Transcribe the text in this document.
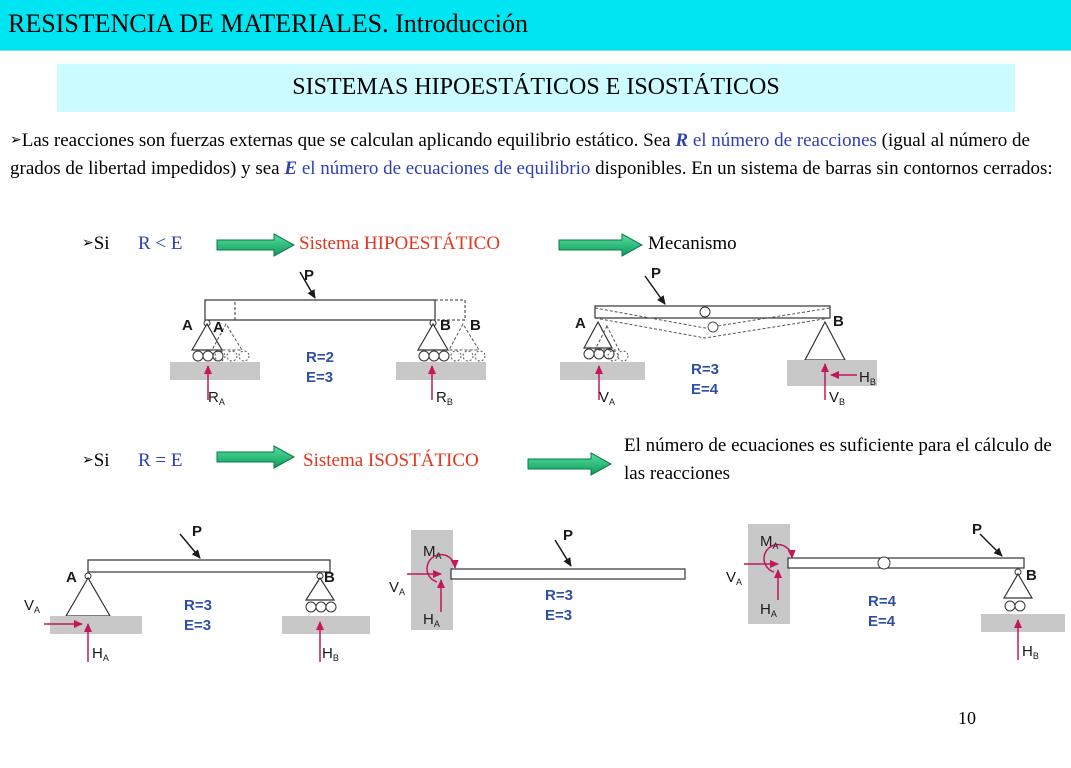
RESISTENCIA DE MATERIALES. Introducción
SISTEMAS HIPOESTÁTICOS E ISOSTÁTICOS
➢Las reacciones son fuerzas externas que se calculan aplicando equilibrio estático. Sea R el número de reacciones (igual al número de grados de libertad impedidos) y sea E el número de ecuaciones de equilibrio disponibles. En un sistema de barras sin contornos cerrados:
➢Si R < E	Sistema HIPOESTÁTICO	Mecanismo
P
A A
$R_A$
B B
$R_B$
R=2
E=3
P
A
$V_A$
B
$V_B$
$H_B$
R=3
E=4
➢Si R = E	Sistema ISOSTÁTICO
El número de ecuaciones es suficiente para el cálculo de las reacciones
P
A
$V_A$
$H_A$
B
$H_B$
R=3
E=3
P
$M_A$
$V_A$
$H_A$
R=3
E=3
P
$M_A$
$V_A$
$H_A$
B
$H_B$
R=4
E=4
10
